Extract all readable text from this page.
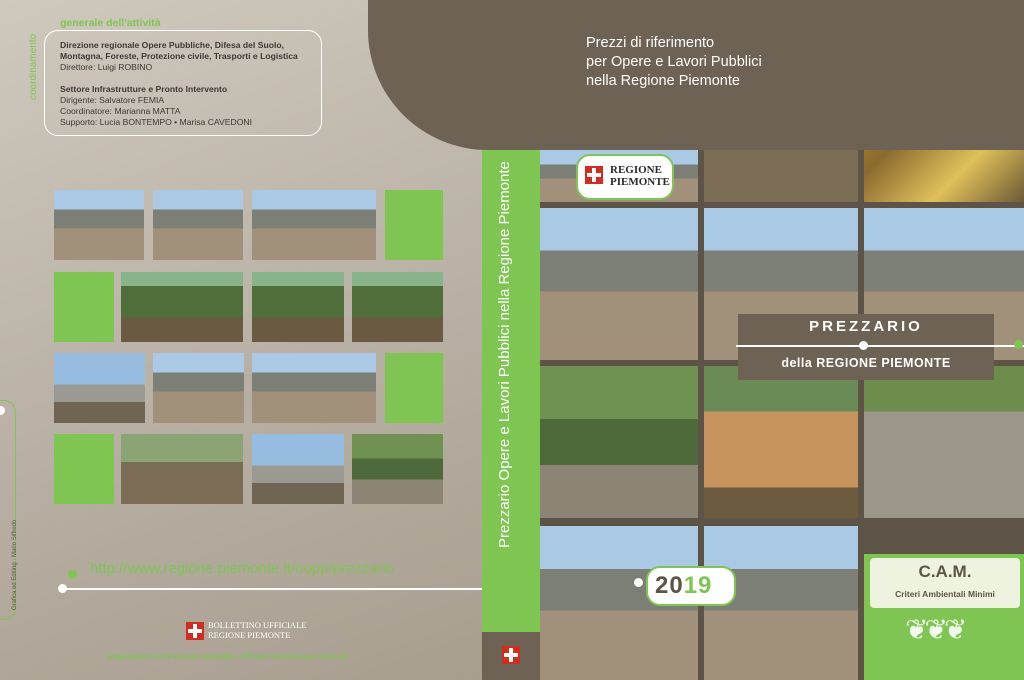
coordinamento
generale dell'attività
Direzione regionale Opere Pubbliche, Difesa del Suolo,
Montagna, Foreste, Protezione civile, Trasporti e Logistica
Direttore: Luigi ROBINO
Settore Infrastrutture e Pronto Intervento
Dirigente: Salvatore FEMIA
Coordinatore: Marianna MATTA
Supporto: Lucia BONTEMPO • Marisa CAVEDONI
Grafica ed Editing · Mario Siffredo	http://www.regione.piemonte.it/oopp/prezzario
BOLLETTINO UFFICIALE
REGIONE PIEMONTE
Supplemento ordinario del Bollettino Ufficiale Distribuzione gratuita
Prezzario Opere e Lavori Pubblici nella Regione Piemonte
Prezzi di riferimento
per Opere e Lavori Pubblici
nella Regione Piemonte
REGIONE
PIEMONTE
PREZZARIO
della REGIONE PIEMONTE
2019
C.A.M.
Criteri Ambientali Minimi
❦❦❦
